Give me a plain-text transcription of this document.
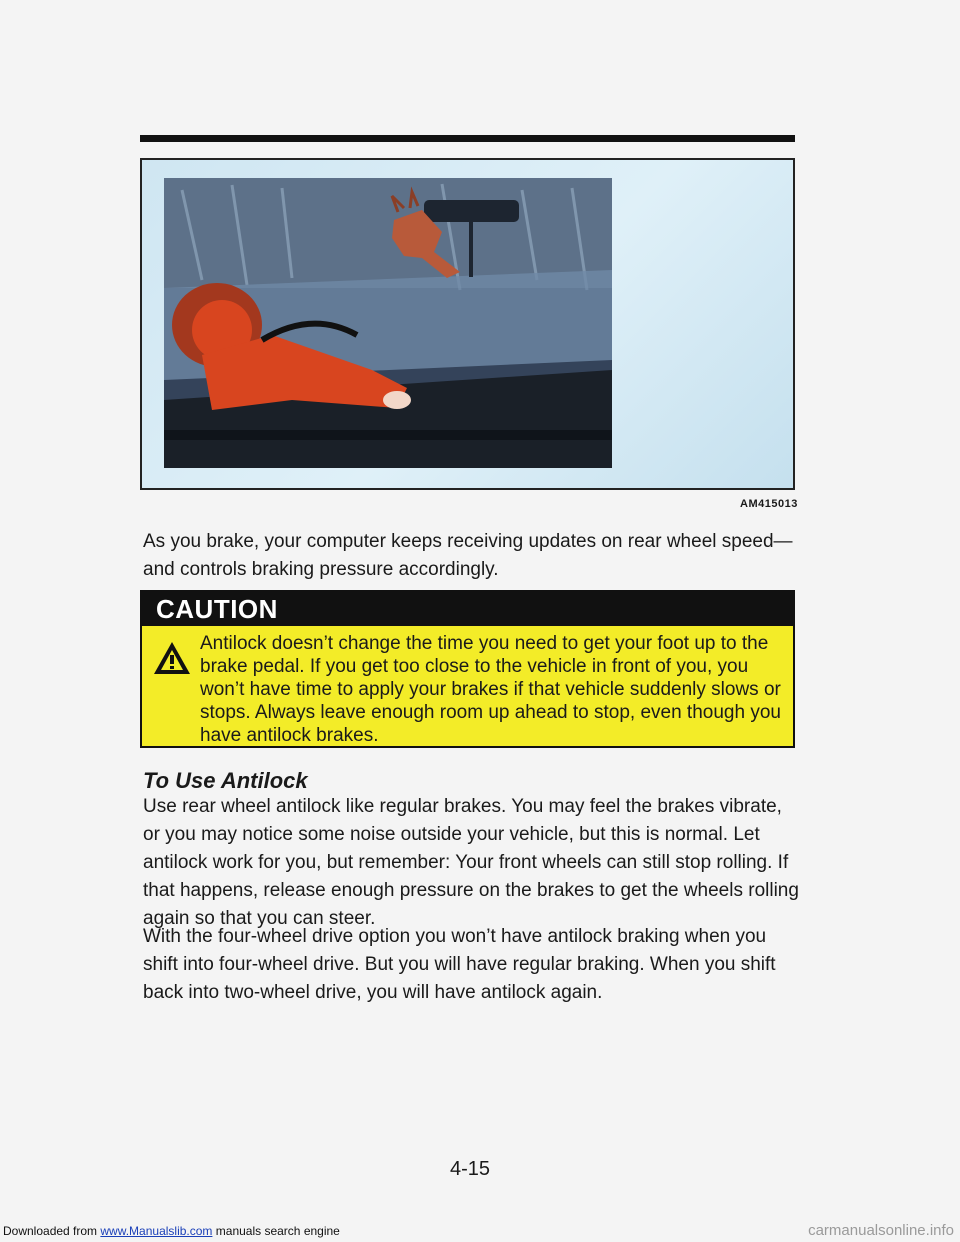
AM415013

As you brake, your computer keeps receiving updates on rear wheel speed—and controls braking pressure accordingly.

CAUTION

Antilock doesn’t change the time you need to get your foot up to the brake pedal. If you get too close to the vehicle in front of you, you won’t have time to apply your brakes if that vehicle suddenly slows or stops. Always leave enough room up ahead to stop, even though you have antilock brakes.

To Use Antilock

Use rear wheel antilock like regular brakes. You may feel the brakes vibrate, or you may notice some noise outside your vehicle, but this is normal. Let antilock work for you, but remember: Your front wheels can still stop rolling. If that happens, release enough pressure on the brakes to get the wheels rolling again so that you can steer.

With the four-wheel drive option you won’t have antilock braking when you shift into four-wheel drive. But you will have regular braking. When you shift back into two-wheel drive, you will have antilock again.

4-15
Downloaded from www.Manualslib.com manuals search engine	carmanualsonline.info
